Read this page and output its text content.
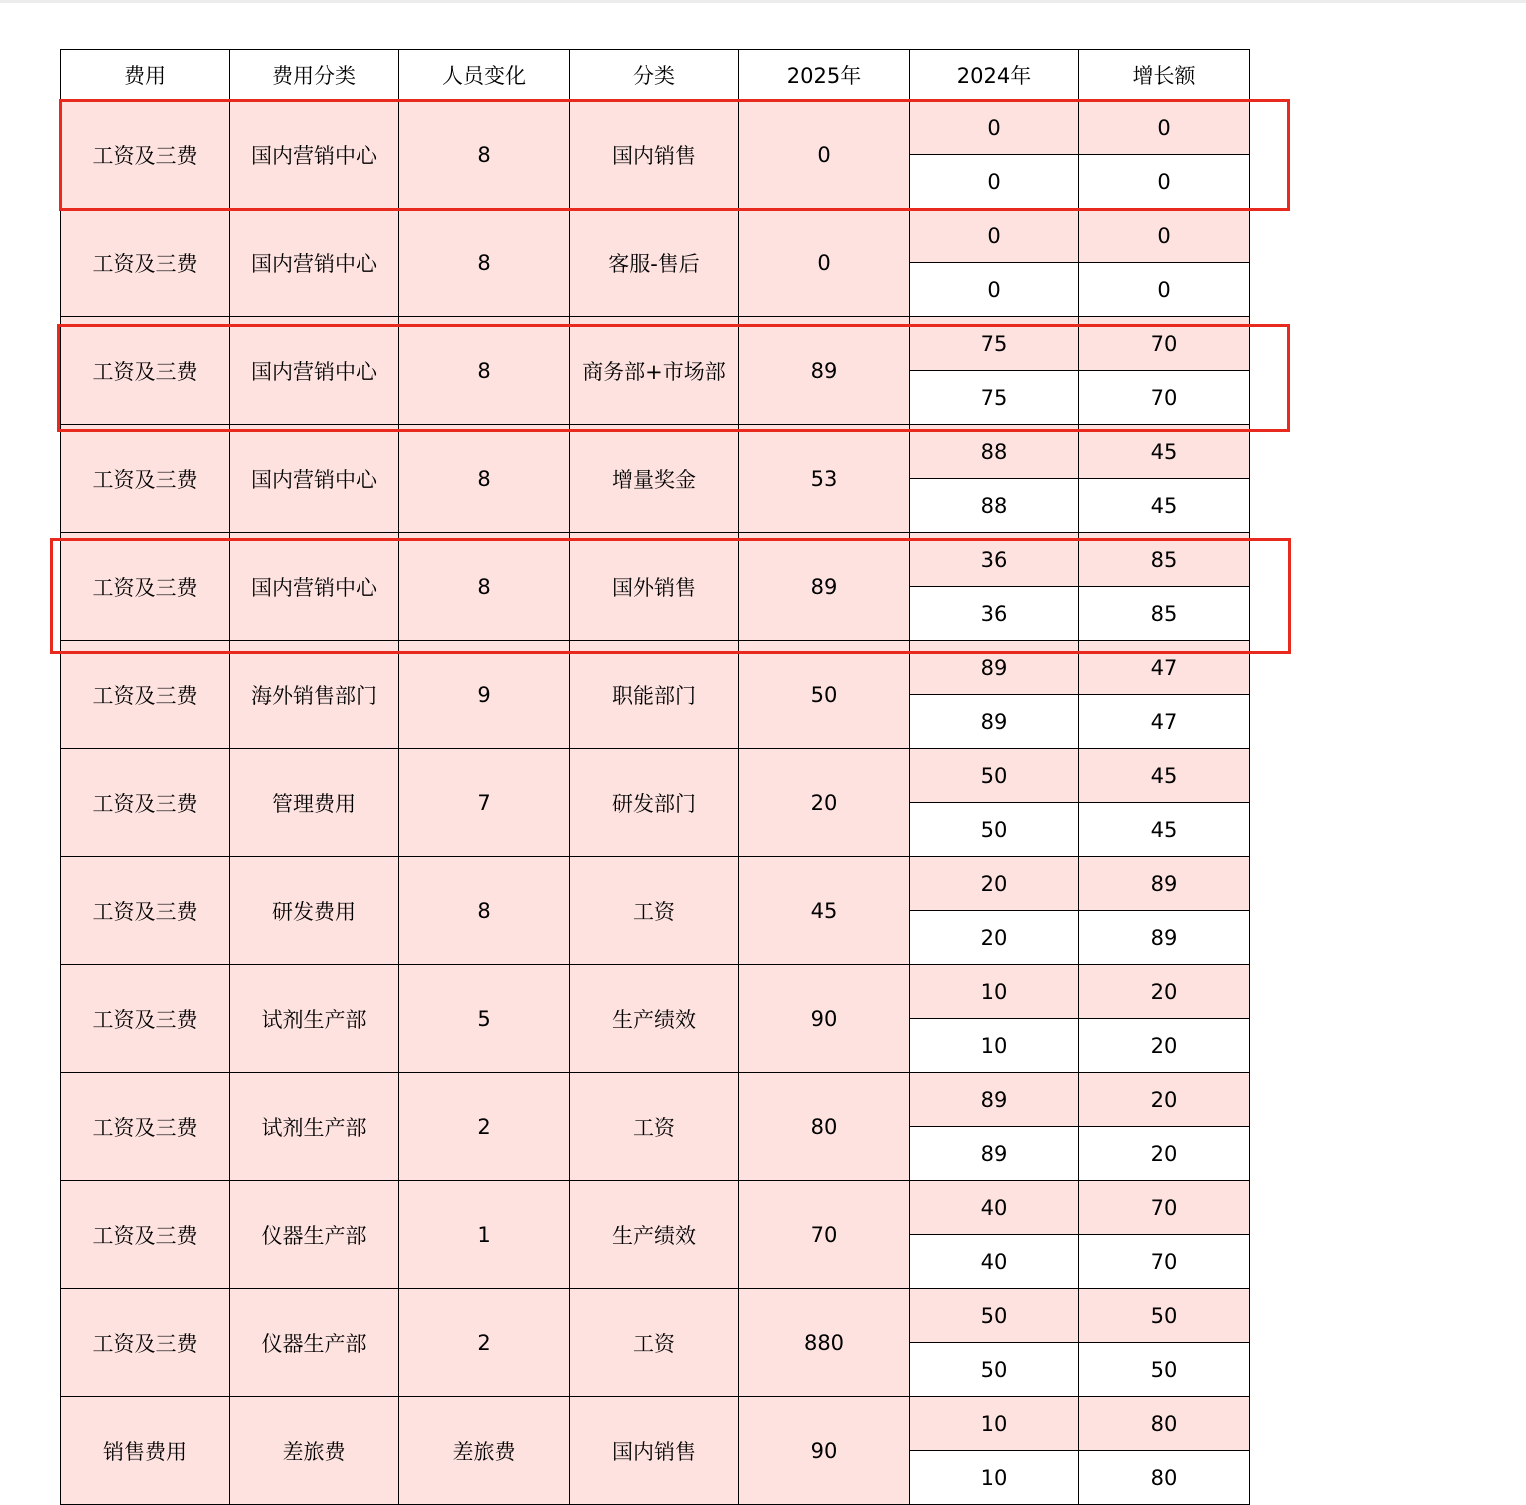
费用	费用分类	人员变化	分类	2025年	2024年	增长额
工资及三费	国内营销中心	8	国内销售	0	0	0
					0	0
工资及三费	国内营销中心	8	客服-售后	0	0	0
					0	0
工资及三费	国内营销中心	8	商务部+市场部	89	75	70
					75	70
工资及三费	国内营销中心	8	增量奖金	53	88	45
					88	45
工资及三费	国内营销中心	8	国外销售	89	36	85
					36	85
工资及三费	海外销售部门	9	职能部门	50	89	47
					89	47
工资及三费	管理费用	7	研发部门	20	50	45
					50	45
工资及三费	研发费用	8	工资	45	20	89
					20	89
工资及三费	试剂生产部	5	生产绩效	90	10	20
					10	20
工资及三费	试剂生产部	2	工资	80	89	20
					89	20
工资及三费	仪器生产部	1	生产绩效	70	40	70
					40	70
工资及三费	仪器生产部	2	工资	880	50	50
					50	50
销售费用	差旅费	差旅费	国内销售	90	10	80
					10	80
